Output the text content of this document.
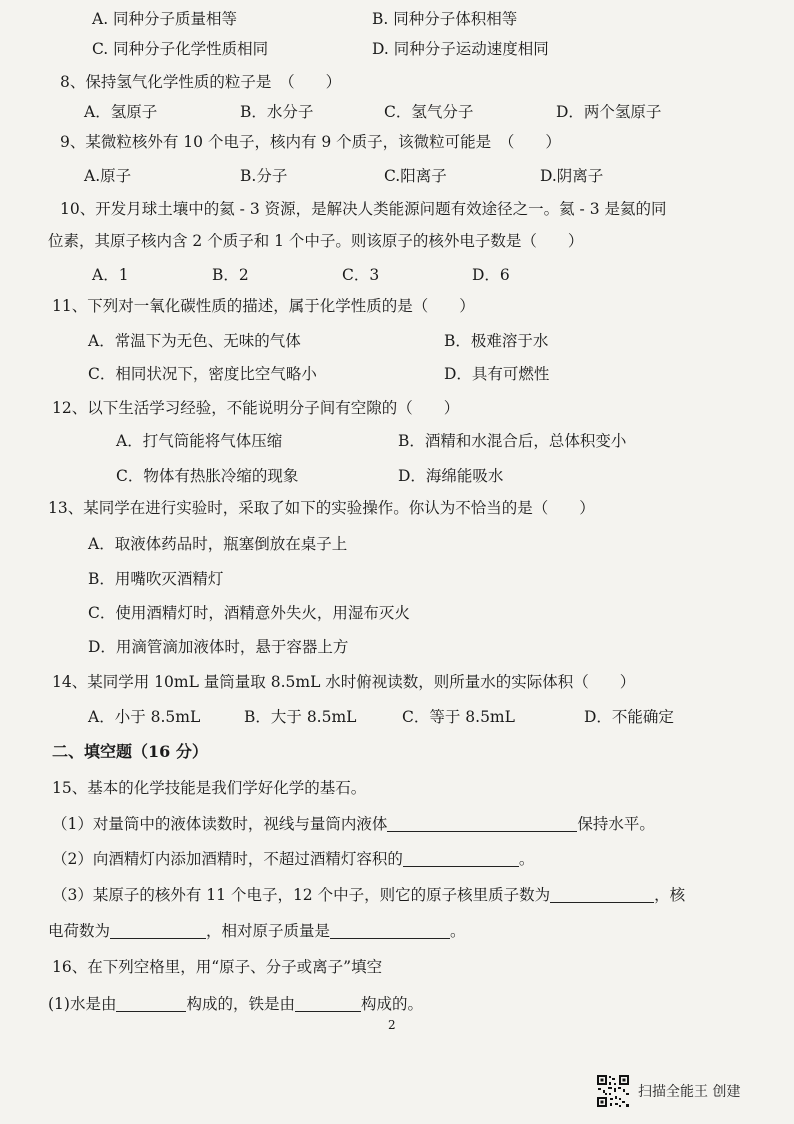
A. 同种分子质量相等	B. 同种分子体积相等
C. 同种分子化学性质相同	D. 同种分子运动速度相同
8、保持氢气化学性质的粒子是　（　　）
A．氢原子	B．水分子	C．氢气分子	D．两个氢原子
9、某微粒核外有 10 个电子，核内有 9 个质子，该微粒可能是　（　　）
A.原子	B.分子	C.阳离子	D.阴离子
10、开发月球土壤中的氦 - 3 资源，是解决人类能源问题有效途径之一。氦 - 3 是氦的同
位素，其原子核内含 2 个质子和 1 个中子。则该原子的核外电子数是（　　）
A．1	B．2	C．3	D．6
11、下列对一氧化碳性质的描述，属于化学性质的是（　　）
A．常温下为无色、无味的气体	B．极难溶于水
C．相同状况下，密度比空气略小	D．具有可燃性
12、以下生活学习经验，不能说明分子间有空隙的（　　）
A．打气筒能将气体压缩	B．酒精和水混合后，总体积变小
C．物体有热胀冷缩的现象	D．海绵能吸水
13、某同学在进行实验时，采取了如下的实验操作。你认为不恰当的是（　　）
A．取液体药品时，瓶塞倒放在桌子上
B．用嘴吹灭酒精灯
C．使用酒精灯时，酒精意外失火，用湿布灭火
D．用滴管滴加液体时，悬于容器上方
14、某同学用 10mL 量筒量取 8.5mL 水时俯视读数，则所量水的实际体积（　　）
A．小于 8.5mL	B．大于 8.5mL	C．等于 8.5mL	D．不能确定
二、填空题（16 分）
15、基本的化学技能是我们学好化学的基石。
（1）对量筒中的液体读数时，视线与量筒内液体	保持水平。
（2）向酒精灯内添加酒精时，不超过酒精灯容积的	。
（3）某原子的核外有 11 个电子，12 个中子，则它的原子核里质子数为	，核
电荷数为	，相对原子质量是	。
16、在下列空格里，用“原子、分子或离子”填空
(1)水是由	构成的，铁是由	构成的。
2
扫描全能王 创建
